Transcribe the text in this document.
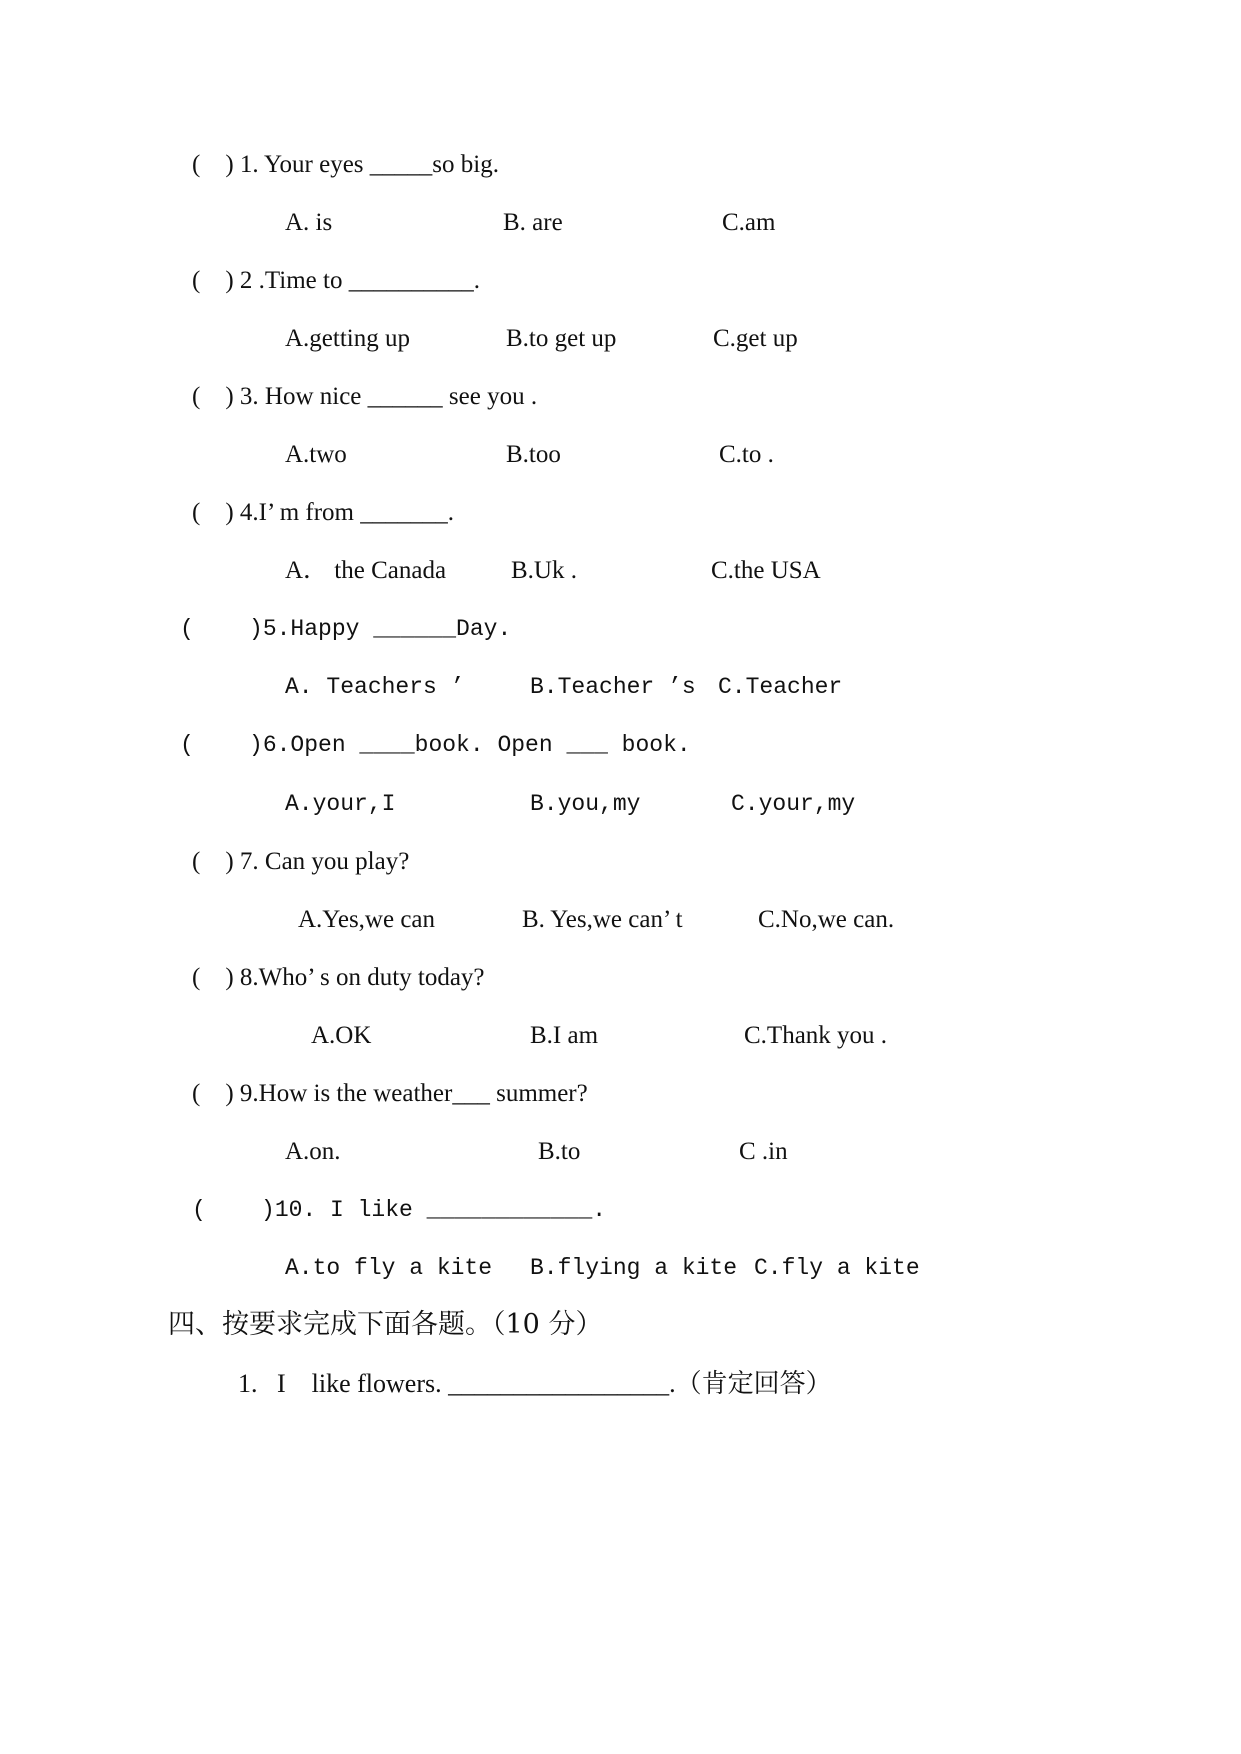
(    ) 1. Your eyes _____so big.
A. is	B. are	C.am
(    ) 2 .Time to __________.
A.getting up	B.to get up	C.get up
(    ) 3. How nice ______ see you .
A.two	B.too	C.to .
(    ) 4.I’ m from _______.
A． the Canada	B.Uk .	C.the USA
(    )5.Happy ______Day.
A. Teachers ’	B.Teacher ’s C.Teacher
(    )6.Open ____book. Open ___ book.
A.your,I	B.you,my	C.your,my
(    ) 7. Can you play?
A.Yes,we can	B. Yes,we can’ t	C.No,we can.
(    ) 8.Who’ s on duty today?
A.OK	B.I am	C.Thank you .
(    ) 9.How is the weather___ summer?
A.on.	B.to	C .in
(    )10. I like ____________.
A.to fly a kite B.flying a kite C.fly a kite
四、按要求完成下面各题。（10 分）
1.   I    like flowers. _________________.（肯定回答）
